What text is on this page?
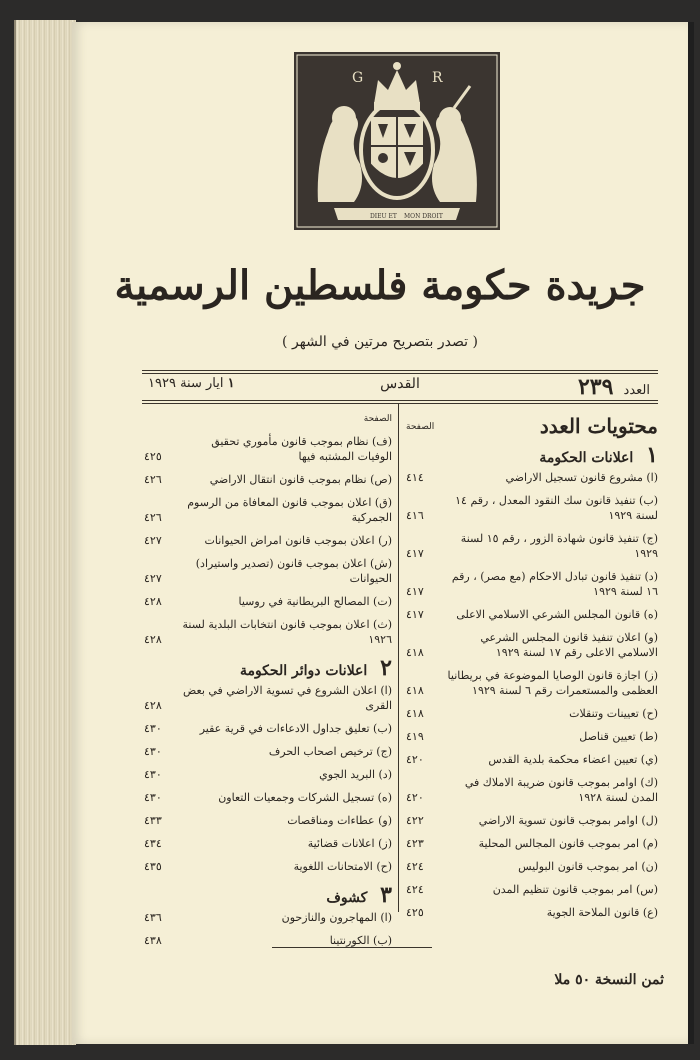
DIEU ET MON DROIT
G	R
جريدة حكومة فلسطين الرسمية
( تصدر بتصريح مرتين في الشهر )
العدد ٢٣٩
القدس
١ ايار سنة ١٩٢٩
محتويات العدد
الصفحة
١ اعلانات الحكومة
(ا) مشروع قانون تسجيل الاراضي
٤١٤
(ب) تنفيذ قانون سك النقود المعدل ، رقم ١٤ لسنة ١٩٢٩
٤١٦
(ج) تنفيذ قانون شهادة الزور ، رقم ١٥ لسنة ١٩٢٩
٤١٧
(د) تنفيذ قانون تبادل الاحكام (مع مصر) ، رقم ١٦ لسنة ١٩٢٩
٤١٧
(ه) قانون المجلس الشرعي الاسلامي الاعلى
٤١٧
(و) اعلان تنفيذ قانون المجلس الشرعي الاسلامي الاعلى رقم ١٧ لسنة ١٩٢٩
٤١٨
(ز) اجازة قانون الوصايا الموضوعة في بريطانيا العظمى والمستعمرات رقم ٦ لسنة ١٩٢٩
٤١٨
(ح) تعيينات وتنقلات
٤١٨
(ط) تعيين قناصل
٤١٩
(ي) تعيين اعضاء محكمة بلدية القدس
٤٢٠
(ك) اوامر بموجب قانون ضريبة الاملاك في المدن لسنة ١٩٢٨
٤٢٠
(ل) اوامر بموجب قانون تسوية الاراضي
٤٢٢
(م) امر بموجب قانون المجالس المحلية
٤٢٣
(ن) امر بموجب قانون البوليس
٤٢٤
(س) امر بموجب قانون تنظيم المدن
٤٢٤
(ع) قانون الملاحة الجوية
٤٢٥
الصفحة
(ف) نظام بموجب قانون مأموري تحقيق الوفيات المشتبه فيها
٤٢٥
(ص) نظام بموجب قانون انتقال الاراضي
٤٢٦
(ق) اعلان بموجب قانون المعافاة من الرسوم الجمركية
٤٢٦
(ر) اعلان بموجب قانون امراض الحيوانات
٤٢٧
(ش) اعلان بموجب قانون (تصدير واستيراد) الحيوانات
٤٢٧
(ت) المصالح البريطانية في روسيا
٤٢٨
(ث) اعلان بموجب قانون انتخابات البلدية لسنة ١٩٢٦
٤٢٨
٢ اعلانات دوائر الحكومة
(ا) اعلان الشروع في تسوية الاراضي في بعض القرى
٤٢٨
(ب) تعليق جداول الادعاءات في قرية عقير
٤٣٠
(ج) ترخيص اصحاب الحرف
٤٣٠
(د) البريد الجوي
٤٣٠
(ه) تسجيل الشركات وجمعيات التعاون
٤٣٠
(و) عطاءات ومناقصات
٤٣٣
(ز) اعلانات قضائية
٤٣٤
(ح) الامتحانات اللغوية
٤٣٥
٣ كشوف
(ا) المهاجرون والنازحون
٤٣٦
(ب) الكورنتينا
٤٣٨
ثمن النسخة ٥٠ ملا
